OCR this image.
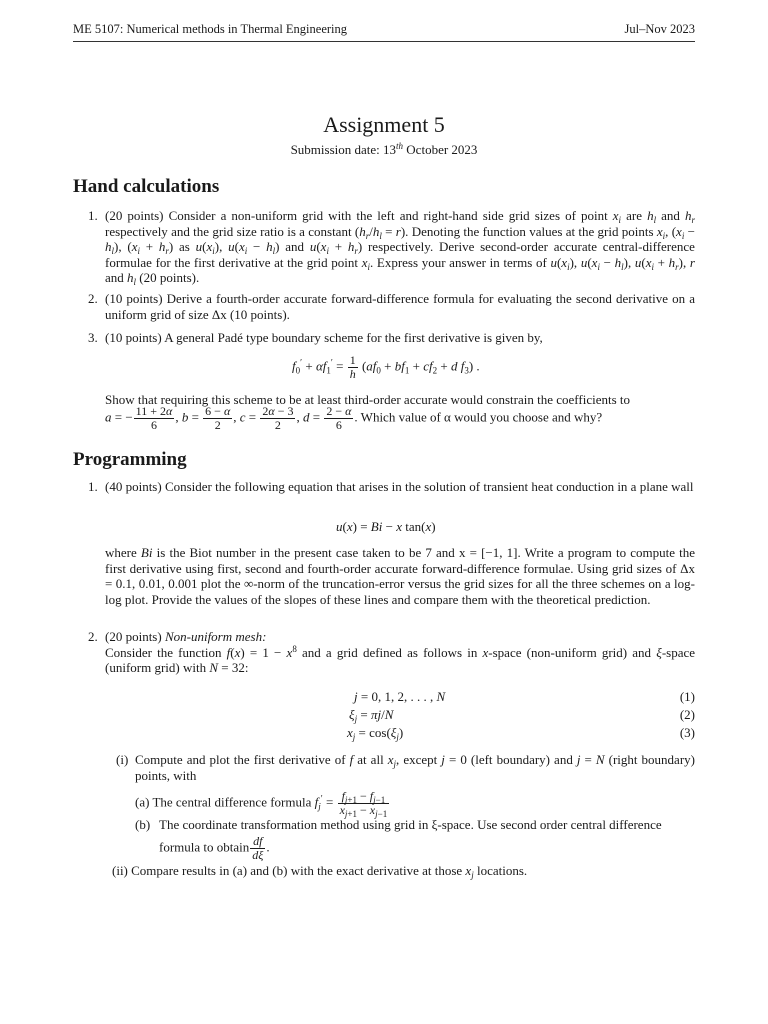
ME 5107: Numerical methods in Thermal Engineering	Jul–Nov 2023
Assignment 5
Submission date: 13th October 2023
Hand calculations
1. (20 points) Consider a non-uniform grid with the left and right-hand side grid sizes of point $x_i$ are $h_l$ and $h_r$ respectively and the grid size ratio is a constant $(h_r/h_l = r)$. Denoting the function values at the grid points $x_i$, $(x_i - h_l)$, $(x_i + h_r)$ as $u(x_i)$, $u(x_i - h_l)$ and $u(x_i + h_r)$ respectively. Derive second-order accurate central-difference formulae for the first derivative at the grid point $x_i$. Express your answer in terms of $u(x_i)$, $u(x_i - h_l)$, $u(x_i + h_r)$, r and $h_l$ (20 points).
2. (10 points) Derive a fourth-order accurate forward-difference formula for evaluating the second derivative on a uniform grid of size Δx (10 points).
3. (10 points) A general Padé type boundary scheme for the first derivative is given by,
$f_0' + \alpha f_1' = \frac{1}{h} (af_0 + bf_1 + cf_2 + d$ $f_3$) .
Show that requiring this scheme to be at least third-order accurate would constrain the coefficients to
a = − $\frac{11 + 2\alpha}{6}$ , $b = \frac{6 - \alpha}{2}$ , $c = \frac{2\alpha - 3}{2}$ , $d = \frac{2 - \alpha}{6}$ . Which value of α would you choose and why?
Programming
1. (40 points) Consider the following equation that arises in the solution of transient heat conduction in a plane wall
u(x) = Bi − x tan(x)
where Bi is the Biot number in the present case taken to be 7 and x = [−1, 1]. Write a program to compute the first derivative using first, second and fourth-order accurate forward-difference formulae. Using grid sizes of Δx = 0.1, 0.01, 0.001 plot the ∞-norm of the truncation-error versus the grid sizes for all the three schemes on a log-log plot. Provide the values of the slopes of these lines and compare them with the theoretical prediction.
2. (20 points) Non-uniform mesh:
Consider the function $f(x) = 1 - x^8$ and a grid defined as follows in x-space (non-uniform grid) and ξ-space (uniform grid) with N = 32:
j = 0, 1, 2, . . . , N	(1)
$\xi_j = \pi j/N$	(2)
$x_j = \cos(\xi_j)$	(3)
(i) Compute and plot the first derivative of f at all $x_j$, except j = 0 (left boundary) and j = N (right boundary) points, with
(a) The central difference formula $f_j' = \frac{f_{j+1} - f_{j-1}}{x_{j+1} - x_{j-1}}$
(b) The coordinate transformation method using grid in ξ-space. Use second order central difference
formula to obtain $\frac{df}{d\xi}$ .
(ii) Compare results in (a) and (b) with the exact derivative at those $x_j$ locations.
